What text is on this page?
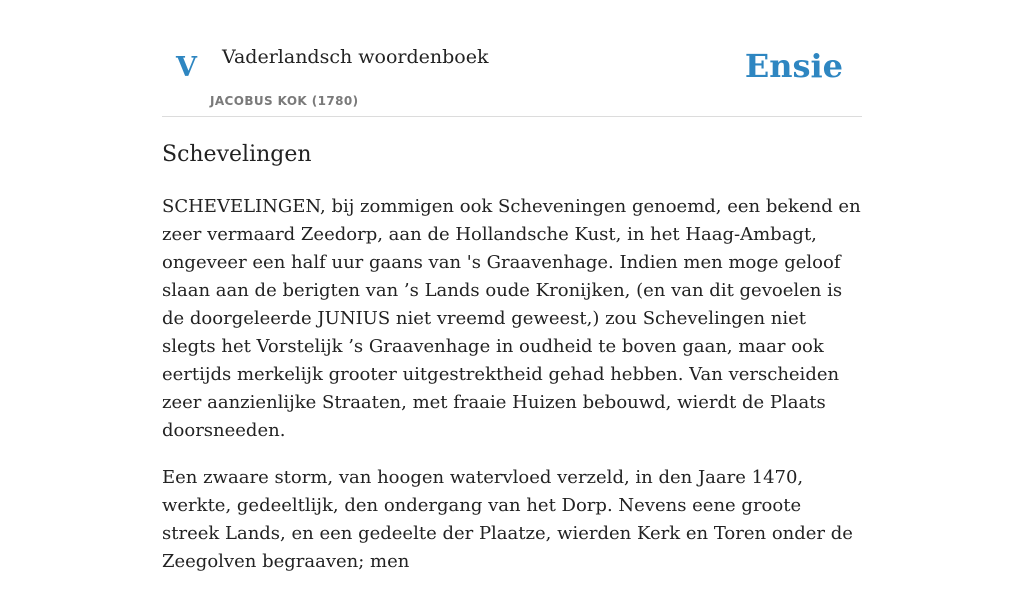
V Vaderlandsch woordenboek
JACOBUS KOK (1780)
Ensie
Schevelingen

SCHEVELINGEN, bij zommigen ook Scheveningen genoemd, een bekend en zeer vermaard Zeedorp, aan de Hollandsche Kust, in het Haag-Ambagt, ongeveer een half uur gaans van 's Graavenhage. Indien men moge geloof slaan aan de berigten van ’s Lands oude Kronijken, (en van dit gevoelen is de doorgeleerde JUNIUS niet vreemd geweest,) zou Schevelingen niet slegts het Vorstelijk ’s Graavenhage in oudheid te boven gaan, maar ook eertijds merkelijk grooter uitgestrektheid gehad hebben. Van verscheiden zeer aanzienlijke Straaten, met fraaie Huizen bebouwd, wierdt de Plaats doorsneeden.

Een zwaare storm, van hoogen watervloed verzeld, in den Jaare 1470, werkte, gedeeltlijk, den ondergang van het Dorp. Nevens eene groote streek Lands, en een gedeelte der Plaatze, wierden Kerk en Toren onder de Zeegolven begraaven; men
